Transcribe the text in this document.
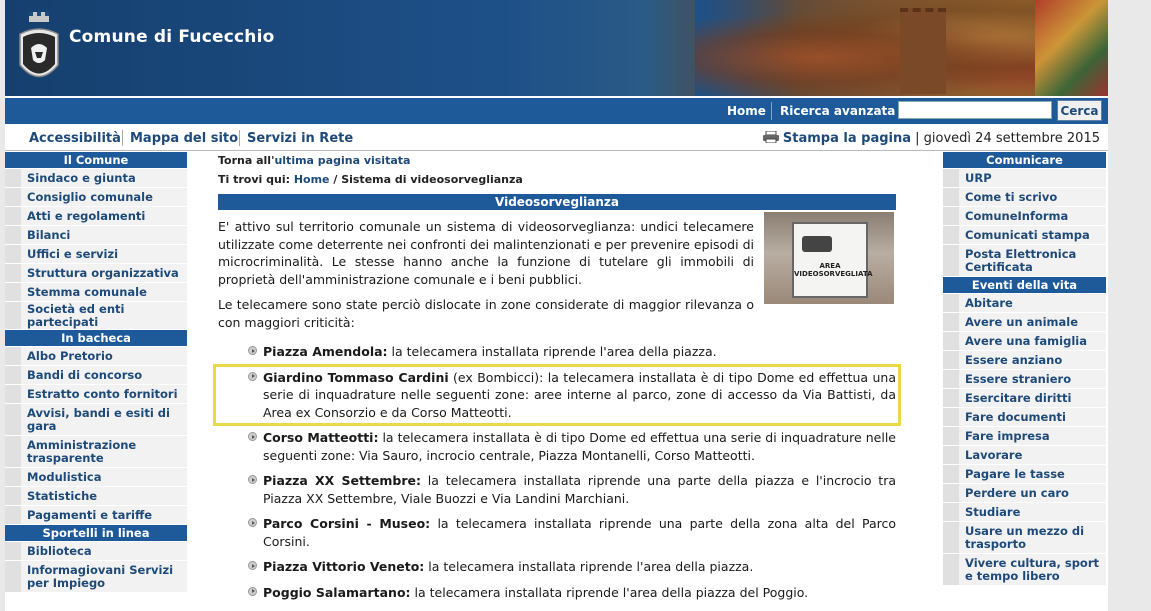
Comune di Fucecchio
Home Ricerca avanzata	Cerca
Accessibilità Mappa del sito Servizi in Rete	Stampa la pagina | giovedì 24 settembre 2015
Il Comune
Sindaco e giunta
Consiglio comunale
Atti e regolamenti
Bilanci
Uffici e servizi
Struttura organizzativa
Stemma comunale
Società ed enti partecipati
In bacheca
Albo Pretorio
Bandi di concorso
Estratto conto fornitori
Avvisi, bandi e esiti di gara
Amministrazione trasparente
Modulistica
Statistiche
Pagamenti e tariffe
Sportelli in linea
Biblioteca
Informagiovani Servizi per Impiego
Torna all'ultima pagina visitata
Ti trovi qui: Home / Sistema di videosorveglianza
Videosorveglianza
AREA VIDEOSORVEGLIATA

E' attivo sul territorio comunale un sistema di videosorveglianza: undici telecamere utilizzate come deterrente nei confronti dei malintenzionati e per prevenire episodi di microcriminalità. Le stesse hanno anche la funzione di tutelare gli immobili di proprietà dell'amministrazione comunale e i beni pubblici.

Le telecamere sono state perciò dislocate in zone considerate di maggior rilevanza o con maggiori criticità:

Piazza Amendola: la telecamera installata riprende l'area della piazza.
Giardino Tommaso Cardini (ex Bombicci): la telecamera installata è di tipo Dome ed effettua una serie di inquadrature nelle seguenti zone: aree interne al parco, zone di accesso da Via Battisti, da Area ex Consorzio e da Corso Matteotti.
Corso Matteotti: la telecamera installata è di tipo Dome ed effettua una serie di inquadrature nelle seguenti zone: Via Sauro, incrocio centrale, Piazza Montanelli, Corso Matteotti.
Piazza XX Settembre: la telecamera installata riprende una parte della piazza e l'incrocio tra Piazza XX Settembre, Viale Buozzi e Via Landini Marchiani.
Parco Corsini - Museo: la telecamera installata riprende una parte della zona alta del Parco Corsini.
Piazza Vittorio Veneto: la telecamera installata riprende l'area della piazza.
Poggio Salamartano: la telecamera installata riprende l'area della piazza del Poggio.
Comunicare
URP
Come ti scrivo
ComuneInforma
Comunicati stampa
Posta Elettronica Certificata
Eventi della vita
Abitare
Avere un animale
Avere una famiglia
Essere anziano
Essere straniero
Esercitare diritti
Fare documenti
Fare impresa
Lavorare
Pagare le tasse
Perdere un caro
Studiare
Usare un mezzo di trasporto
Vivere cultura, sport e tempo libero
